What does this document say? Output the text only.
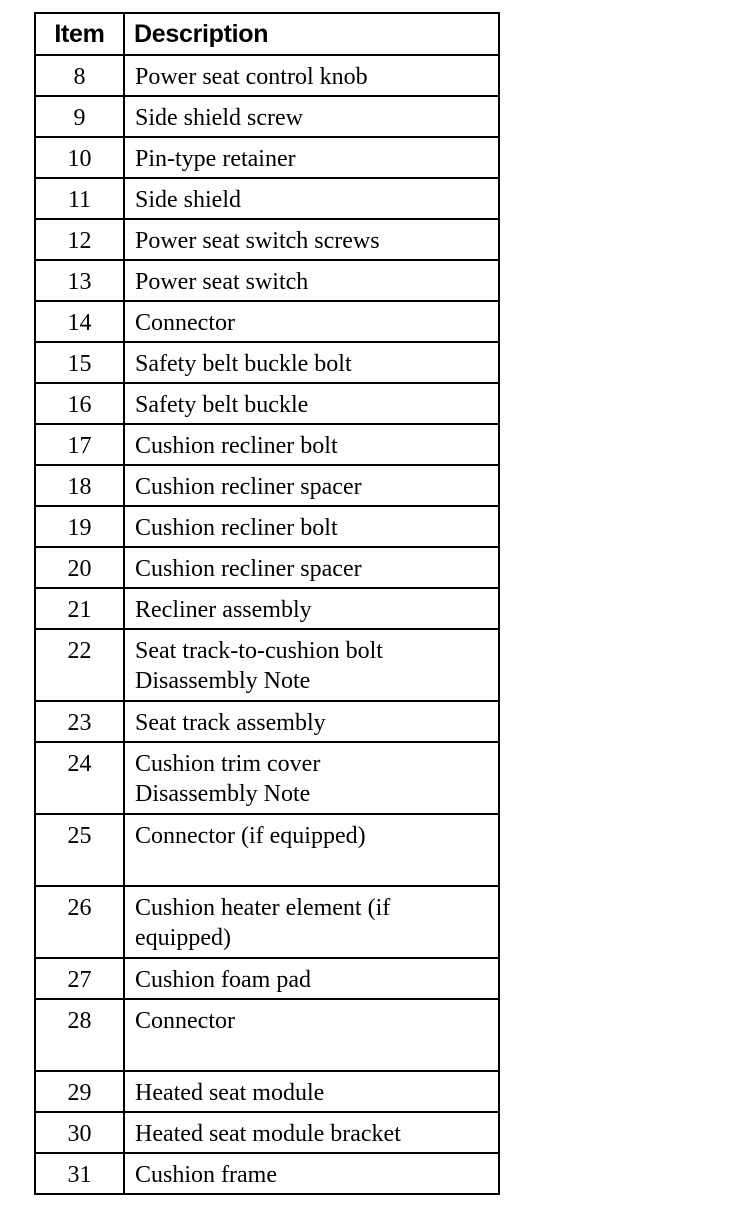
Item	Description
8	Power seat control knob

9	Side shield screw

10	Pin-type retainer

11	Side shield

12	Power seat switch screws

13	Power seat switch

14	Connector

15	Safety belt buckle bolt

16	Safety belt buckle

17	Cushion recliner bolt

18	Cushion recliner spacer

19	Cushion recliner bolt

20	Cushion recliner spacer

21	Recliner assembly

22	Seat track-to-cushion bolt
Disassembly Note

23	Seat track assembly

24	Cushion trim cover
Disassembly Note

25	Connector (if equipped)

26	Cushion heater element (if
equipped)

27	Cushion foam pad

28	Connector

29	Heated seat module

30	Heated seat module bracket

31	Cushion frame
